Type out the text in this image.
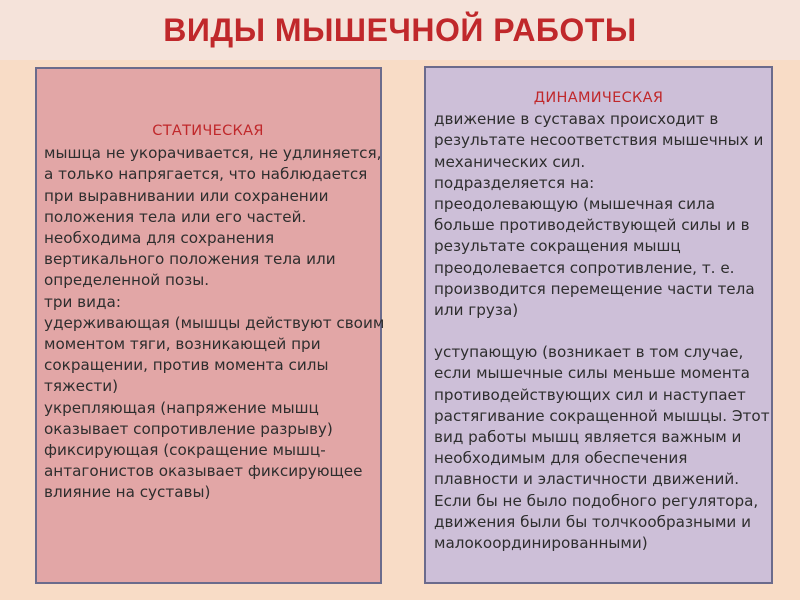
ВИДЫ МЫШЕЧНОЙ РАБОТЫ
СТАТИЧЕСКАЯ
мышца не укорачивается, не удлиняется,
а только напрягается, что наблюдается
при выравнивании или сохранении
положения тела или его частей.
необходима для сохранения
вертикального положения тела или
определенной позы.
три вида:
удерживающая (мышцы действуют своим
моментом тяги, возникающей при
сокращении, против момента силы
тяжести)
укрепляющая (напряжение мышц
оказывает сопротивление разрыву)
фиксирующая (сокращение мышц-
антагонистов оказывает фиксирующее
влияние на суставы)
ДИНАМИЧЕСКАЯ
движение в суставах происходит в
результате несоответствия мышечных и
механических сил.
подразделяется на:
преодолевающую (мышечная сила
больше противодействующей силы и в
результате сокращения мышц
преодолевается сопротивление, т. е.
производится перемещение части тела
или груза)
уступающую (возникает в том случае,
если мышечные силы меньше момента
противодействующих сил и наступает
растягивание сокращенной мышцы. Этот
вид работы мышц является важным и
необходимым для обеспечения
плавности и эластичности движений.
Если бы не было подобного регулятора,
движения были бы толчкообразными и
малокоординированными)
